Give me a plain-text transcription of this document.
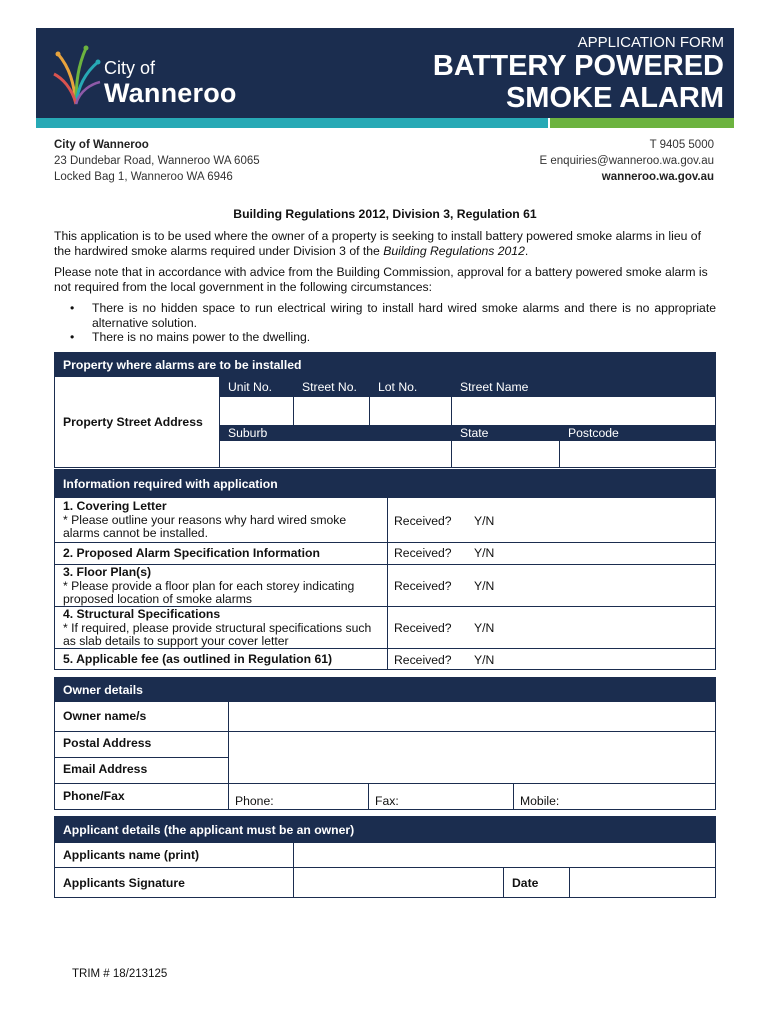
City of
Wanneroo
APPLICATION FORM
BATTERY POWERED
SMOKE ALARM
City of Wanneroo
23 Dundebar Road, Wanneroo WA 6065
Locked Bag 1, Wanneroo WA 6946
T 9405 5000
E enquiries@wanneroo.wa.gov.au
wanneroo.wa.gov.au
Building Regulations 2012, Division 3, Regulation 61

This application is to be used where the owner of a property is seeking to install battery powered smoke alarms in lieu of the hardwired smoke alarms required under Division 3 of the Building Regulations 2012.

Please note that in accordance with advice from the Building Commission, approval for a battery powered smoke alarm is not required from the local government in the following circumstances:

• There is no hidden space to run electrical wiring to install hard wired smoke alarms and there is no appropriate alternative solution.
• There is no mains power to the dwelling.
Property where alarms are to be installed
Property Street Address
Unit No.	Street No.	Lot No.	Street Name
Suburb	State	Postcode
Information required with application
1. Covering Letter
* Please outline your reasons why hard wired smoke alarms cannot be installed.
Received? Y/N
2. Proposed Alarm Specification Information	Received? Y/N
3. Floor Plan(s)
* Please provide a floor plan for each storey indicating proposed location of smoke alarms
Received? Y/N
4. Structural Specifications
* If required, please provide structural specifications such as slab details to support your cover letter
Received? Y/N
5. Applicable fee (as outlined in Regulation 61)	Received? Y/N
Owner details
Owner name/s
Postal Address
Email Address
Phone/Fax	Phone:	Fax:	Mobile:
Applicant details (the applicant must be an owner)
Applicants name (print)
Applicants Signature	Date
TRIM # 18/213125
